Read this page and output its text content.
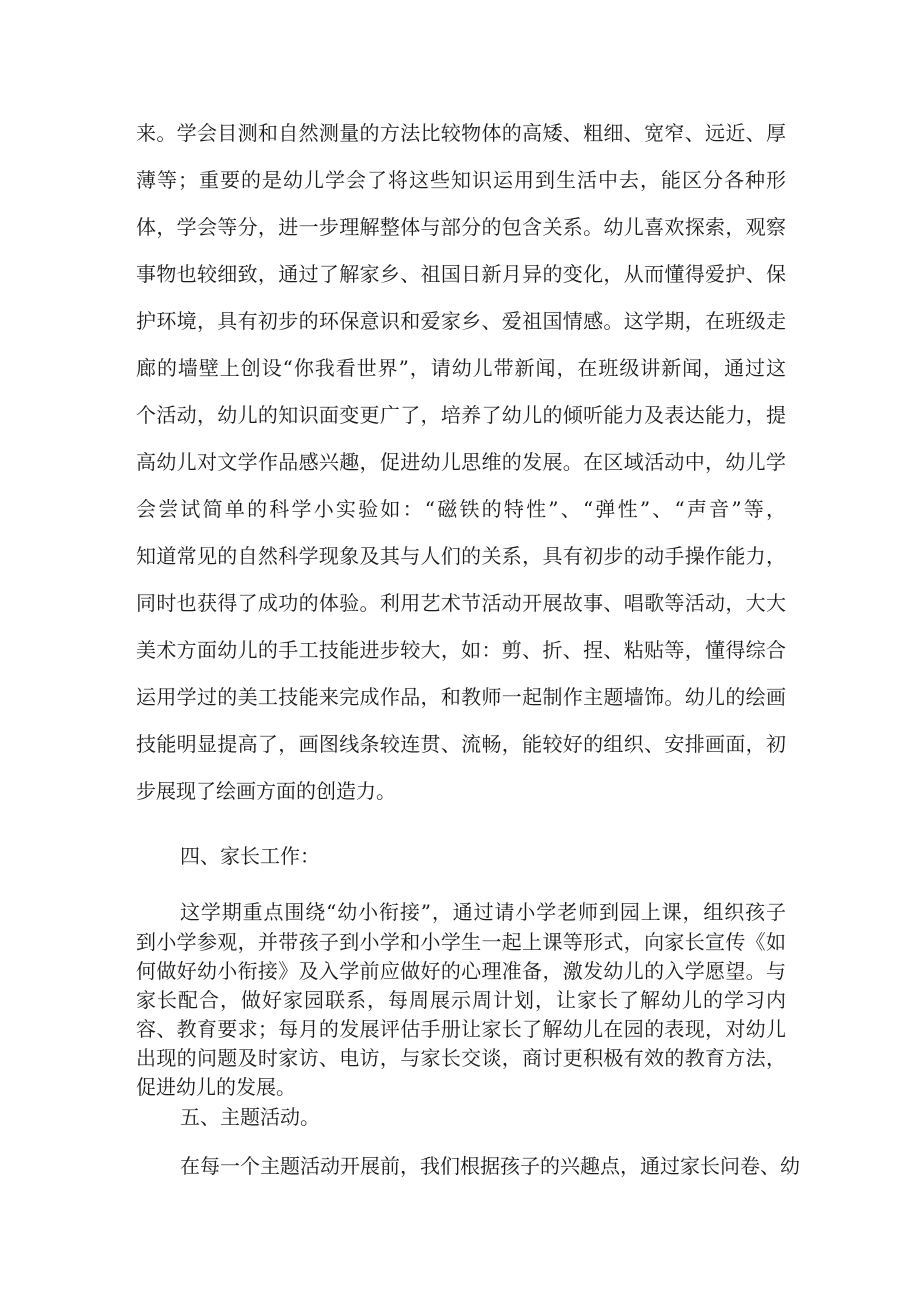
来。学会目测和自然测量的方法比较物体的高矮、粗细、宽窄、远近、厚
薄等；重要的是幼儿学会了将这些知识运用到生活中去，能区分各种形
体，学会等分，进一步理解整体与部分的包含关系。幼儿喜欢探索，观察
事物也较细致，通过了解家乡、祖国日新月异的变化，从而懂得爱护、保
护环境，具有初步的环保意识和爱家乡、爱祖国情感。这学期，在班级走
廊的墙壁上创设“你我看世界”，请幼儿带新闻，在班级讲新闻，通过这
个活动，幼儿的知识面变更广了，培养了幼儿的倾听能力及表达能力，提
高幼儿对文学作品感兴趣，促进幼儿思维的发展。在区域活动中，幼儿学
会尝试简单的科学小实验如：“磁铁的特性”、“弹性”、“声音”等，
知道常见的自然科学现象及其与人们的关系，具有初步的动手操作能力，
同时也获得了成功的体验。利用艺术节活动开展故事、唱歌等活动，大大
美术方面幼儿的手工技能进步较大，如：剪、折、捏、粘贴等，懂得综合
运用学过的美工技能来完成作品，和教师一起制作主题墙饰。幼儿的绘画
技能明显提高了，画图线条较连贯、流畅，能较好的组织、安排画面，初
步展现了绘画方面的创造力。
四、家长工作：
这学期重点围绕“幼小衔接”，通过请小学老师到园上课，组织孩子
到小学参观，并带孩子到小学和小学生一起上课等形式，向家长宣传《如
何做好幼小衔接》及入学前应做好的心理准备，激发幼儿的入学愿望。与
家长配合，做好家园联系，每周展示周计划，让家长了解幼儿的学习内
容、教育要求；每月的发展评估手册让家长了解幼儿在园的表现，对幼儿
出现的问题及时家访、电访，与家长交谈，商讨更积极有效的教育方法，
促进幼儿的发展。
五、主题活动。
在每一个主题活动开展前，我们根据孩子的兴趣点，通过家长问卷、幼
